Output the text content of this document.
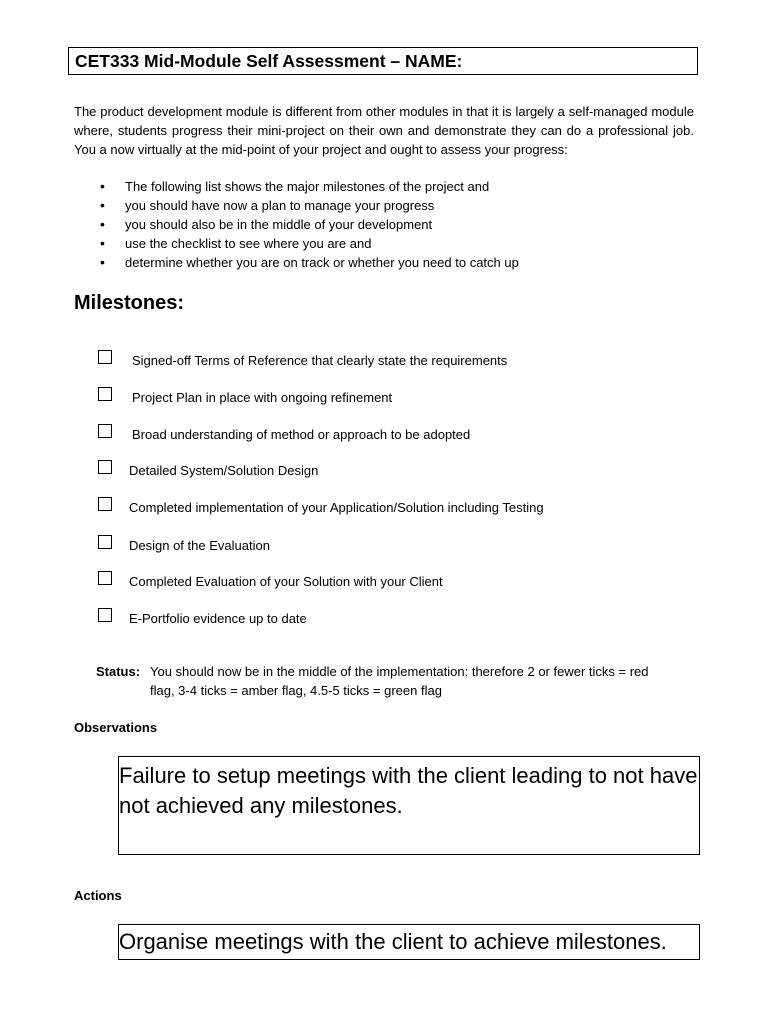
CET333 Mid-Module Self Assessment – NAME:

The product development module is different from other modules in that it is largely a self-managed module where, students progress their mini-project on their own and demonstrate they can do a professional job. You a now virtually at the mid-point of your project and ought to assess your progress:

• The following list shows the major milestones of the project and
• you should have now a plan to manage your progress
• you should also be in the middle of your development
• use the checklist to see where you are and
• determine whether you are on track or whether you need to catch up
Milestones:
Signed-off Terms of Reference that clearly state the requirements
Project Plan in place with ongoing refinement
Broad understanding of method or approach to be adopted
Detailed System/Solution Design
Completed implementation of your Application/Solution including Testing
Design of the Evaluation
Completed Evaluation of your Solution with your Client
E-Portfolio evidence up to date
Status: You should now be in the middle of the implementation: therefore 2 or fewer ticks = red
flag, 3-4 ticks = amber flag, 4.5-5 ticks = green flag
Observations
Failure to setup meetings with the client leading to not have not achieved any milestones.
Actions
Organise meetings with the client to achieve milestones.
